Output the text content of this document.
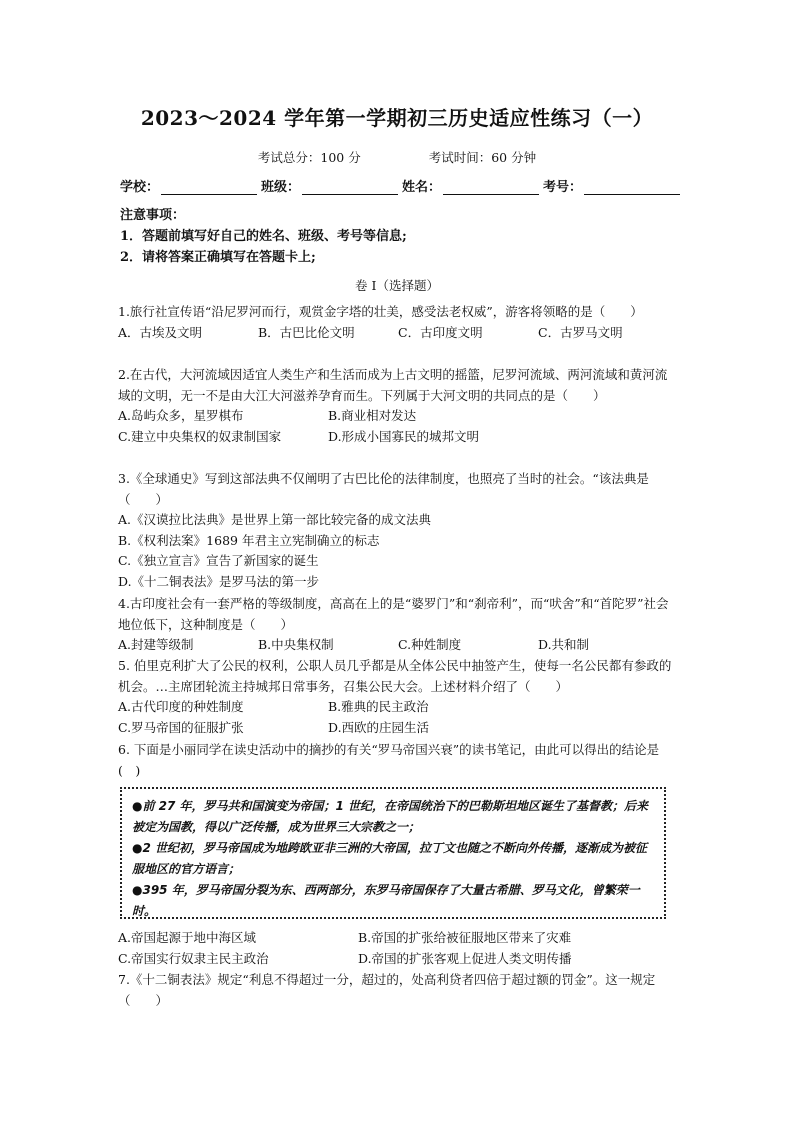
2023～2024 学年第一学期初三历史适应性练习（一）
考试总分：100 分	考试时间：60 分钟
学校：	班级：	姓名：	考号：
注意事项：
1．答题前填写好自己的姓名、班级、考号等信息;
2．请将答案正确填写在答题卡上;
卷 I（选择题）
1.旅行社宣传语“沿尼罗河而行，观赏金字塔的壮美，感受法老权威”，游客将领略的是（　　）
A．古埃及文明	B．古巴比伦文明	C．古印度文明	C．古罗马文明
2.在古代，大河流域因适宜人类生产和生活而成为上古文明的摇篮，尼罗河流域、两河流域和黄河流域的文明，无一不是由大江大河滋养孕育而生。下列属于大河文明的共同点的是（　　）
A.岛屿众多，星罗棋布	B.商业相对发达
C.建立中央集权的奴隶制国家	D.形成小国寡民的城邦文明
3.《全球通史》写到这部法典不仅阐明了古巴比伦的法律制度，也照亮了当时的社会。“该法典是（　　）
A.《汉谟拉比法典》是世界上第一部比较完备的成文法典
B.《权利法案》1689 年君主立宪制确立的标志
C.《独立宣言》宣告了新国家的诞生
D.《十二铜表法》是罗马法的第一步
4.古印度社会有一套严格的等级制度，高高在上的是“婆罗门”和“刹帝利”，而“吠舍”和“首陀罗”社会地位低下，这种制度是（　　）
A.封建等级制	B.中央集权制	C.种姓制度	D.共和制
5. 伯里克利扩大了公民的权利，公职人员几乎都是从全体公民中抽签产生，使每一名公民都有参政的机会。…主席团轮流主持城邦日常事务，召集公民大会。上述材料介绍了（　　）
A.古代印度的种姓制度	B.雅典的民主政治
C.罗马帝国的征服扩张	D.西欧的庄园生活
6. 下面是小丽同学在读史活动中的摘抄的有关“罗马帝国兴衰”的读书笔记，由此可以得出的结论是(　)

●前 27 年，罗马共和国演变为帝国；1 世纪，在帝国统治下的巴勒斯坦地区诞生了基督教；后来被定为国教，得以广泛传播，成为世界三大宗教之一；

●2 世纪初，罗马帝国成为地跨欧亚非三洲的大帝国，拉丁文也随之不断向外传播，逐渐成为被征服地区的官方语言；

●395 年，罗马帝国分裂为东、西两部分，东罗马帝国保存了大量古希腊、罗马文化，曾繁荣一时。

A.帝国起源于地中海区域	B.帝国的扩张给被征服地区带来了灾难
C.帝国实行奴隶主民主政治	D.帝国的扩张客观上促进人类文明传播
7.《十二铜表法》规定“利息不得超过一分，超过的，处高利贷者四倍于超过额的罚金”。这一规定（　　）
